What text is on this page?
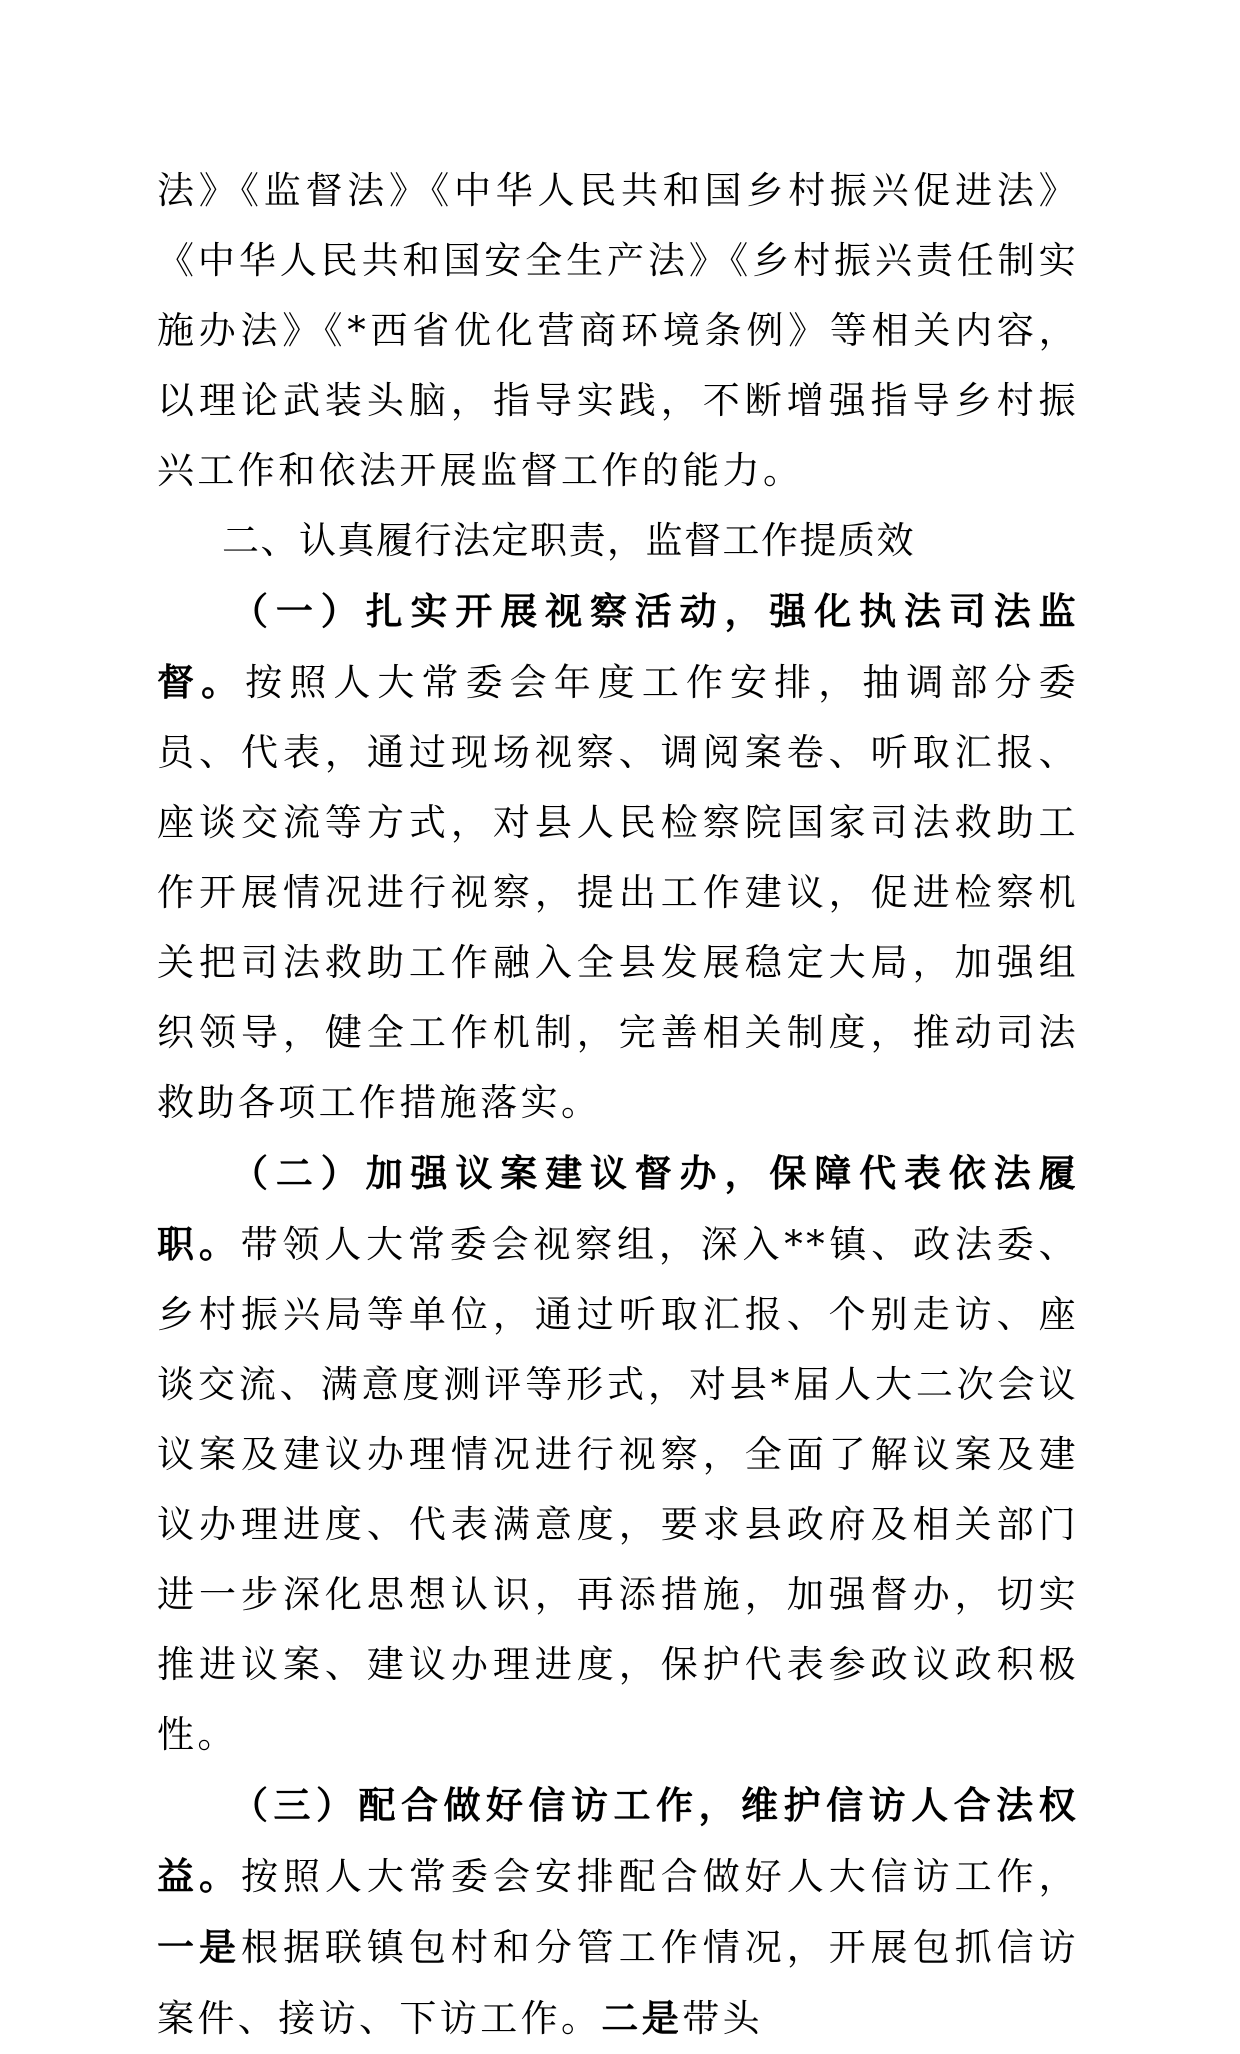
法》《监督法》《中华人民共和国乡村振兴促进法》《中华人民共和国安全生产法》《乡村振兴责任制实施办法》《*西省优化营商环境条例》等相关内容，以理论武装头脑，指导实践，不断增强指导乡村振兴工作和依法开展监督工作的能力。

二、认真履行法定职责，监督工作提质效

（一）扎实开展视察活动，强化执法司法监督。按照人大常委会年度工作安排，抽调部分委员、代表，通过现场视察、调阅案卷、听取汇报、座谈交流等方式，对县人民检察院国家司法救助工作开展情况进行视察，提出工作建议，促进检察机关把司法救助工作融入全县发展稳定大局，加强组织领导，健全工作机制，完善相关制度，推动司法救助各项工作措施落实。

（二）加强议案建议督办，保障代表依法履职。带领人大常委会视察组，深入**镇、政法委、乡村振兴局等单位，通过听取汇报、个别走访、座谈交流、满意度测评等形式，对县*届人大二次会议议案及建议办理情况进行视察，全面了解议案及建议办理进度、代表满意度，要求县政府及相关部门进一步深化思想认识，再添措施，加强督办，切实推进议案、建议办理进度，保护代表参政议政积极性。

（三）配合做好信访工作，维护信访人合法权益。按照人大常委会安排配合做好人大信访工作，一是根据联镇包村和分管工作情况，开展包抓信访案件、接访、下访工作。二是带头
